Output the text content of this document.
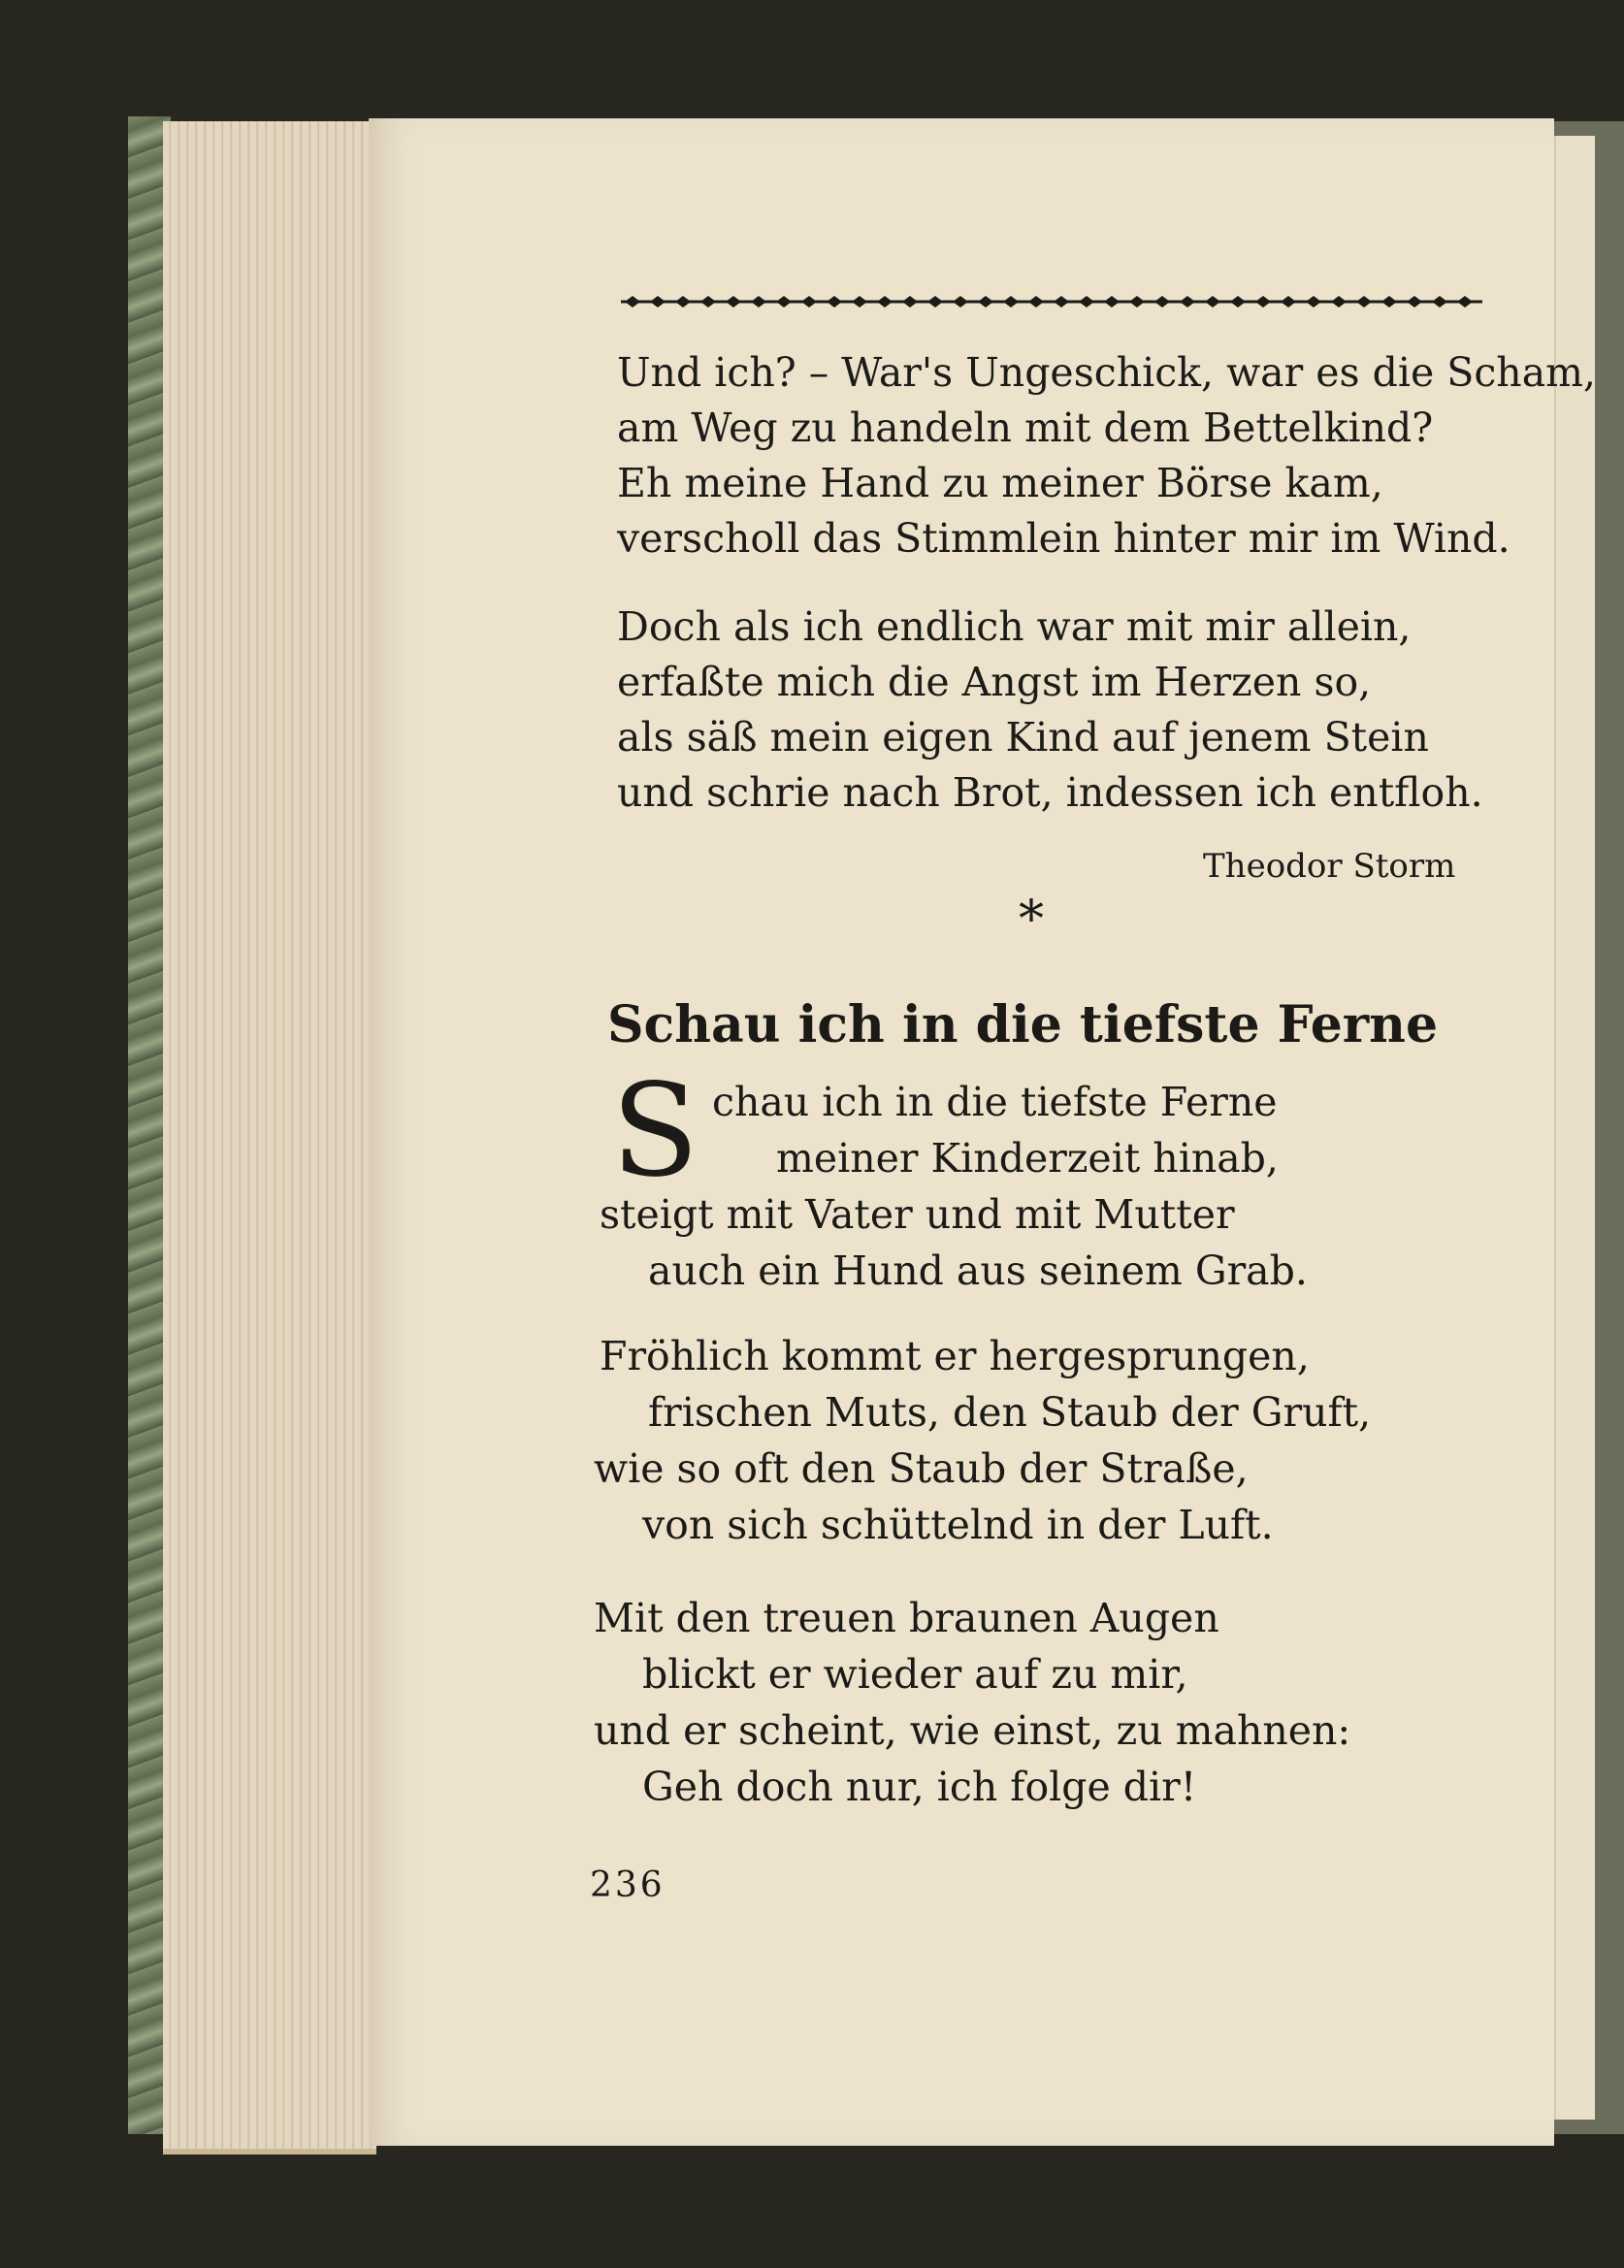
Und ich? – War's Ungeschick, war es die Scham,
am Weg zu handeln mit dem Bettelkind?
Eh meine Hand zu meiner Börse kam,
verscholl das Stimmlein hinter mir im Wind.
Doch als ich endlich war mit mir allein,
erfaßte mich die Angst im Herzen so,
als säß mein eigen Kind auf jenem Stein
und schrie nach Brot, indessen ich entfloh.
Theodor Storm
*
Schau ich in die tiefste Ferne
S chau ich in die tiefste Ferne
meiner Kinderzeit hinab,
steigt mit Vater und mit Mutter
auch ein Hund aus seinem Grab.
Fröhlich kommt er hergesprungen,
frischen Muts, den Staub der Gruft,
wie so oft den Staub der Straße,
von sich schüttelnd in der Luft.
Mit den treuen braunen Augen
blickt er wieder auf zu mir,
und er scheint, wie einst, zu mahnen:
Geh doch nur, ich folge dir!
236
